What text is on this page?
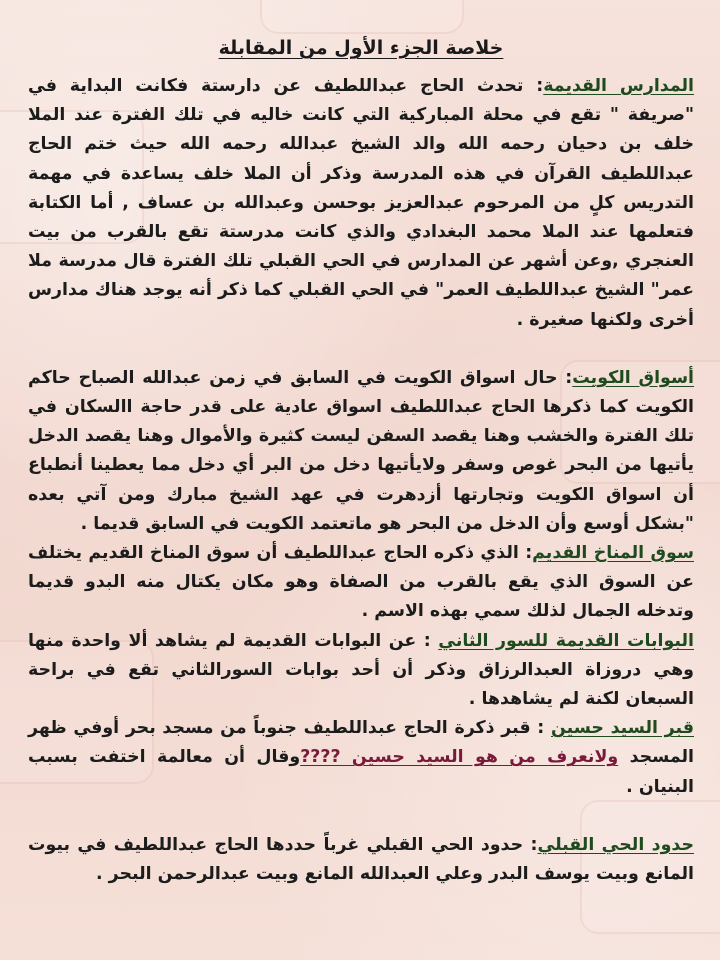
خلاصة الجزء الأول من المقابلة

المدارس القديمة: تحدث الحاج عبداللطيف عن دارستة فكانت البداية في "صريفة " تقع في محلة المباركية التي كانت خاليه في تلك الفترة عند الملا خلف بن دحيان رحمه الله والد الشيخ عبدالله رحمه الله حيث ختم الحاج عبداللطيف القرآن في هذه المدرسة وذكر أن الملا خلف يساعدة في مهمة التدريس كلٍ من المرحوم عبدالعزيز بوحسن وعبدالله بن عساف , أما الكتابة فتعلمها عند الملا محمد البغدادي والذي كانت مدرستة تقع بالقرب من بيت العنجري ,وعن أشهر عن المدارس في الحي القبلي تلك الفترة قال مدرسة ملا عمر" الشيخ عبداللطيف العمر" في الحي القبلي كما ذكر أنه يوجد هناك مدارس أخرى ولكنها صغيرة .

أسواق الكويت: حال اسواق الكويت في السابق في زمن عبدالله الصباح حاكم الكويت كما ذكرها الحاج عبداللطيف اسواق عادية على قدر حاجة االسكان في تلك الفترة والخشب وهنا يقصد السفن ليست كثيرة والأموال وهنا يقصد الدخل يأتيها من البحر غوص وسفر ولايأتيها دخل من البر أي دخل مما يعطينا أنطباع أن اسواق الكويت وتجارتها أزدهرت في عهد الشيخ مبارك ومن آتي بعده "بشكل أوسع وأن الدخل من البحر هو ماتعتمد الكويت في السابق قديما .

سوق المناخ القديم: الذي ذكره الحاج عبداللطيف أن سوق المناخ القديم يختلف عن السوق الذي يقع بالقرب من الصفاة وهو مكان يكتال منه البدو قديما وتدخله الجمال لذلك سمي بهذه الاسم .

البوابات القديمة للسور الثاني : عن البوابات القديمة لم يشاهد ألا واحدة منها وهي دروزاة العبدالرزاق وذكر أن أحد بوابات السورالثاني تقع في براحة السبعان لكنة لم يشاهدها .

قبر السيد حسين : قبر ذكرة الحاج عبداللطيف جنوباً من مسجد بحر أوفي ظهر المسجد ولانعرف من هو السيد حسين ????وقال أن معالمة اختفت بسبب البنيان .

حدود الحي القبلي: حدود الحي القبلي غرباً حددها الحاج عبداللطيف في بيوت المانع وبيت يوسف البدر وعلي العبدالله المانع وبيت عبدالرحمن البحر .
